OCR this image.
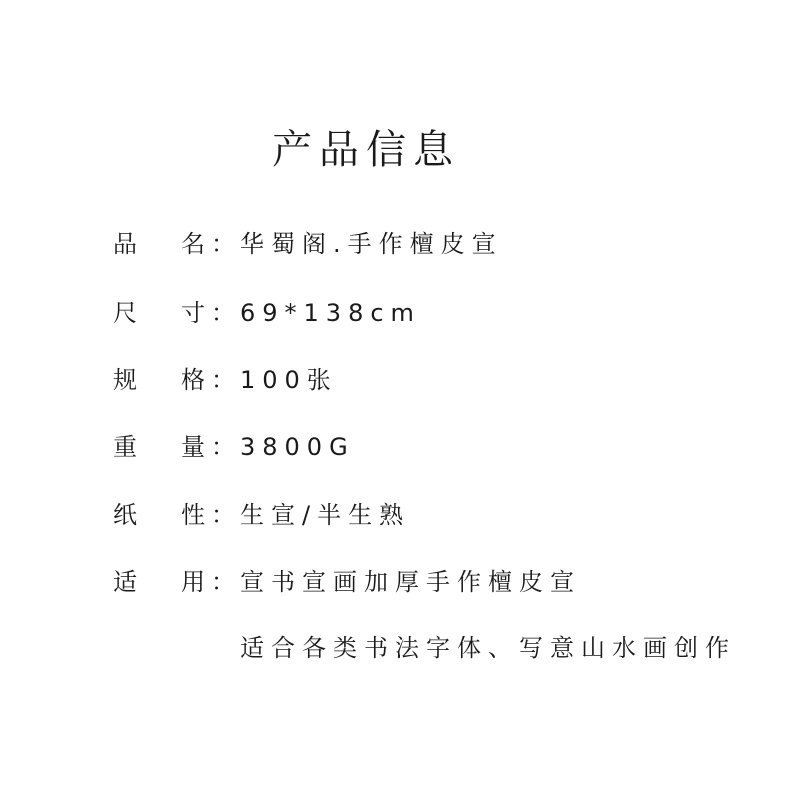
产品信息
品 名 ： 华蜀阁.手作檀皮宣
尺 寸 ： 69*138cm
规 格 ： 100张
重 量 ： 3800G
纸 性 ： 生宣/半生熟
适 用 ： 宣书宣画加厚手作檀皮宣
适合各类书法字体、写意山水画创作
